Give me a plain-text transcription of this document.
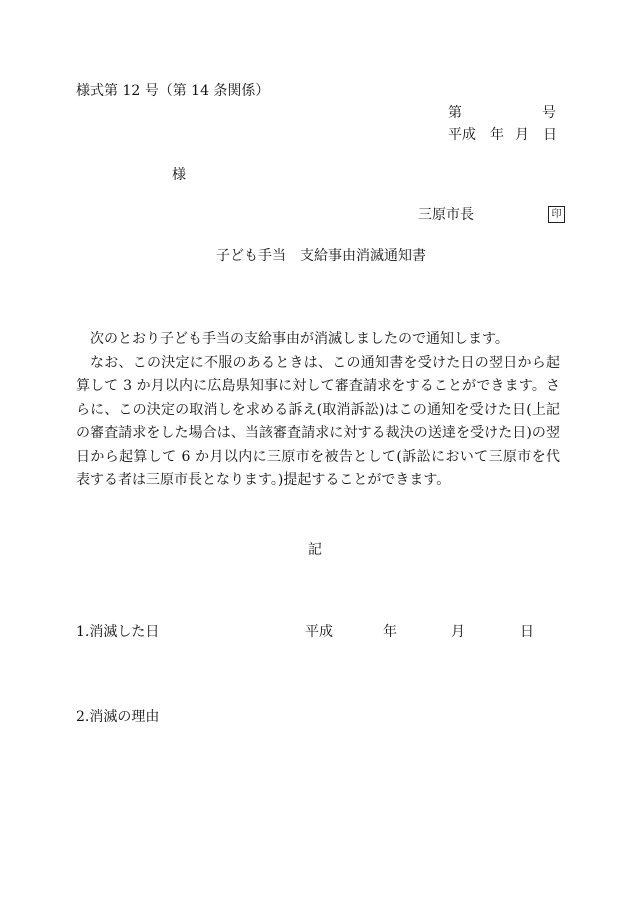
様式第 12 号（第 14 条関係）
第	号
平成 年 月 日
様
三原市長	印
子ども手当　支給事由消滅通知書

次のとおり子ども手当の支給事由が消滅しましたので通知します。

なお、この決定に不服のあるときは、この通知書を受けた日の翌日から起算して 3 か月以内に広島県知事に対して審査請求をすることができます。さらに、この決定の取消しを求める訴え(取消訴訟)はこの通知を受けた日(上記の審査請求をした場合は、当該審査請求に対する裁決の送達を受けた日)の翌日から起算して 6 か月以内に三原市を被告として(訴訟において三原市を代表する者は三原市長となります。)提起することができます。

記
1.消滅した日	平成	年	月	日
2.消滅の理由
